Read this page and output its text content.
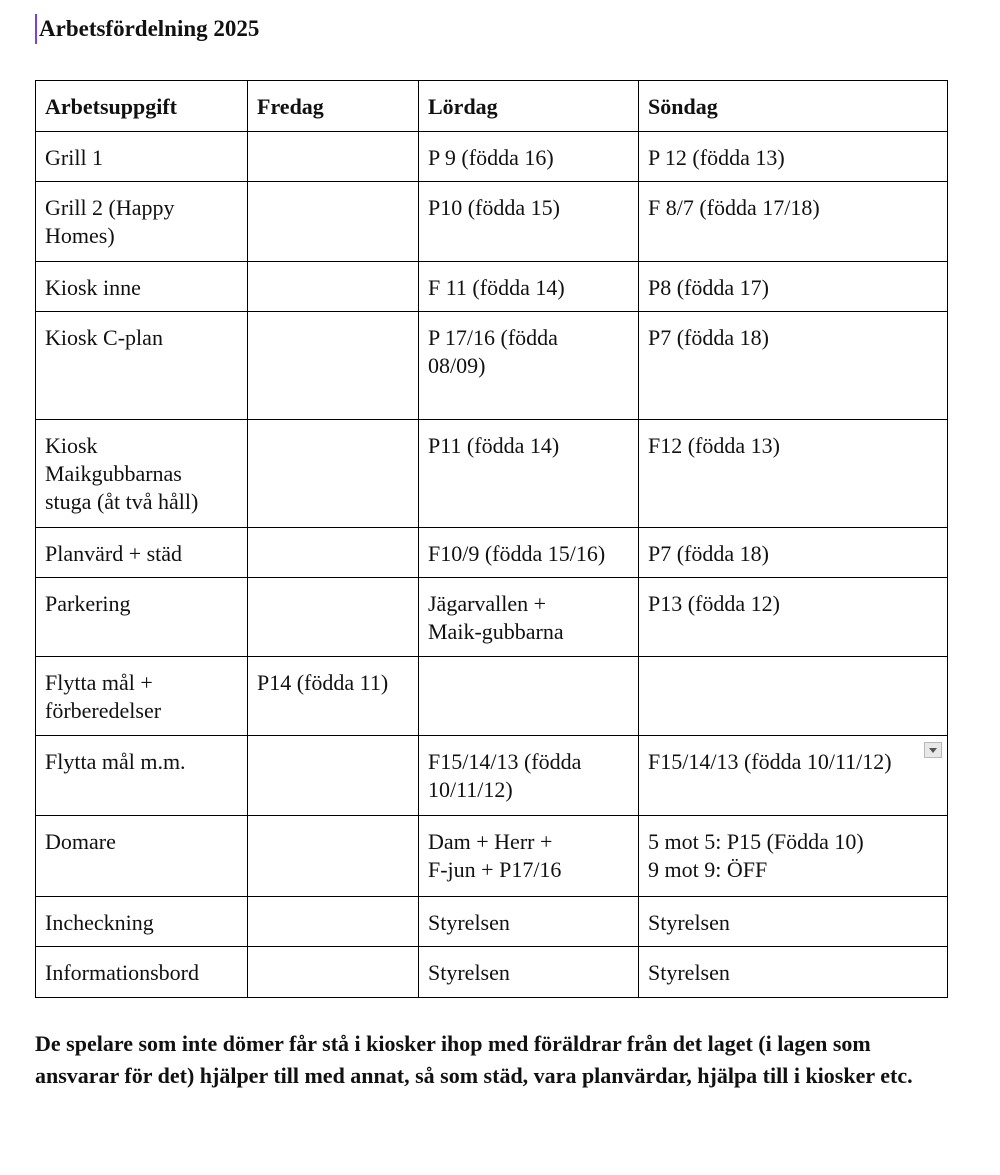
Arbetsfördelning 2025
Arbetsuppgift	Fredag	Lördag	Söndag

Grill 1		P 9 (födda 16)	P 12 (födda 13)

Grill 2 (Happy
Homes)		P10 (födda 15)	F 8/7 (födda 17/18)

Kiosk inne		F 11 (födda 14)	P8 (födda 17)

Kiosk C-plan		P 17/16 (födda
08/09)	P7 (födda 18)

Kiosk
Maikgubbarnas
stuga (åt två håll)		P11 (födda 14)	F12 (födda 13)

Planvärd + städ		F10/9 (födda 15/16)	P7 (födda 18)

Parkering		Jägarvallen +
Maik-gubbarna	P13 (födda 12)

Flytta mål +
förberedelser	P14 (födda 11)		

Flytta mål m.m.		F15/14/13 (födda
10/11/12)	F15/14/13 (födda 10/11/12)

Domare		Dam + Herr +
F-jun + P17/16	5 mot 5: P15 (Födda 10)
9 mot 9: ÖFF

Incheckning		Styrelsen	Styrelsen

Informationsbord		Styrelsen	Styrelsen
De spelare som inte dömer får stå i kiosker ihop med föräldrar från det laget (i lagen som ansvarar för det) hjälper till med annat, så som städ, vara planvärdar, hjälpa till i kiosker etc.
